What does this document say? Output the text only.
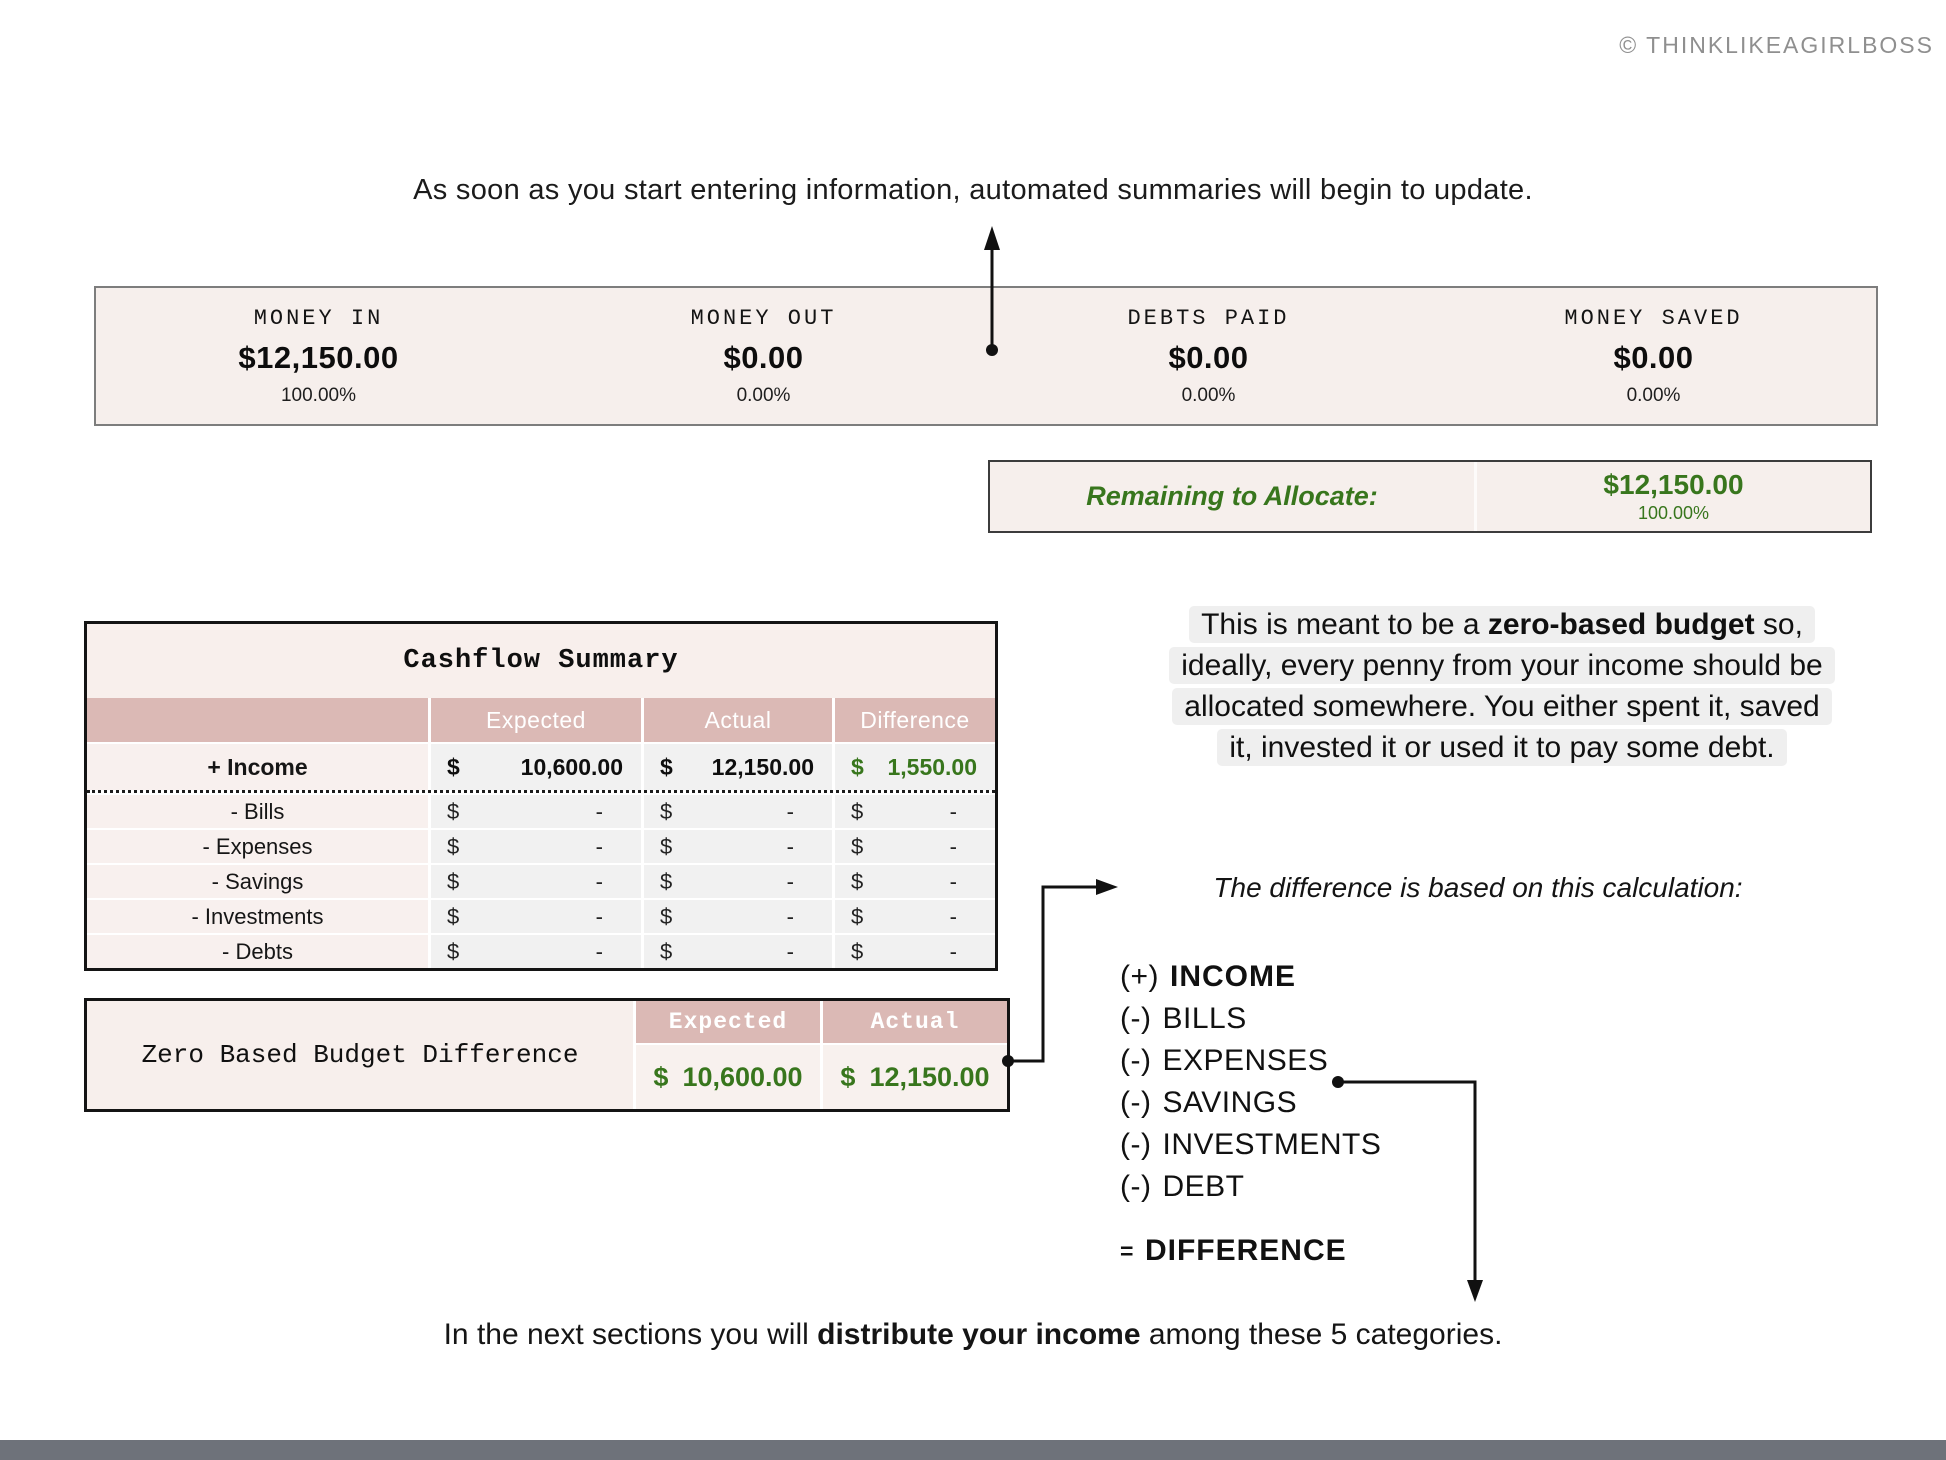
© THINKLIKEAGIRLBOSS
As soon as you start entering information, automated summaries will begin to update.
MONEY IN
$12,150.00
100.00%
MONEY OUT
$0.00
0.00%
DEBTS PAID
$0.00
0.00%
MONEY SAVED
$0.00
0.00%
Remaining to Allocate:	$12,150.00
100.00%
Cashflow Summary
Expected	Actual	Difference
+ Income	$	10,600.00 $ 12,150.00 $ 1,550.00
- Bills	$	-	$	-	$	-
- Expenses	$	-	$	-	$	-
- Savings	$	-	$	-	$	-
- Investments	$	-	$	-	$	-
- Debts	$	-	$	-	$	-
Zero Based Budget Difference
Expected	Actual
$ 10,600.00 $ 12,150.00
This is meant to be a zero-based budget so,
ideally, every penny from your income should be
allocated somewhere. You either spent it, saved
it, invested it or used it to pay some debt.
The difference is based on this calculation:
(+) INCOME
(-) BILLS
(-) EXPENSES
(-) SAVINGS
(-) INVESTMENTS
(-) DEBT
= DIFFERENCE
In the next sections you will distribute your income among these 5 categories.
